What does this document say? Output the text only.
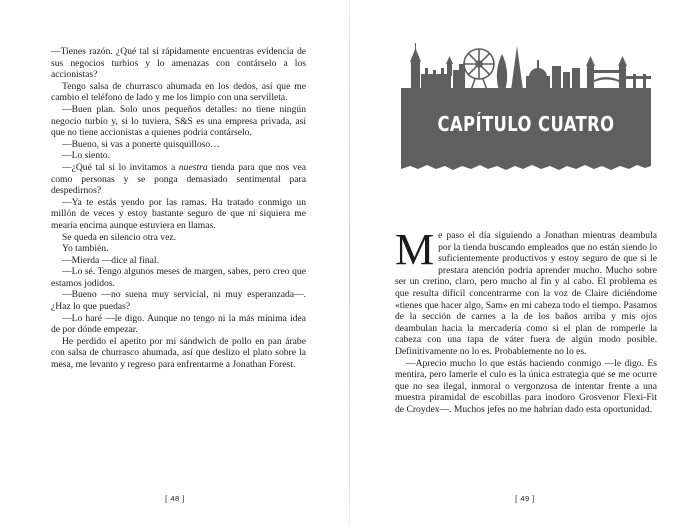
—Tienes razón. ¿Qué tal si rápidamente encuentras evidencia de sus negocios turbios y lo amenazas con contárselo a los accionistas?

Tengo salsa de churrasco ahumada en los dedos, así que me cambio el teléfono de lado y me los limpio con una servilleta.

—Buen plan. Solo unos pequeños detalles: no tiene ningún negocio turbio y, si lo tuviera, S&S es una empresa privada, así que no tiene accionistas a quienes podría contárselo.

—Bueno, si vas a ponerte quisquilloso…

—Lo siento.

—¿Qué tal si lo invitamos a nuestra tienda para que nos vea como personas y se ponga demasiado sentimental para despedirnos?

—Ya te estás yendo por las ramas. Ha tratado conmigo un millón de veces y estoy bastante seguro de que ni siquiera me mearía encima aunque estuviera en llamas.

Se queda en silencio otra vez.

Yo también.

—Mierda —dice al final.

—Lo sé. Tengo algunos meses de margen, sabes, pero creo que estamos jodidos.

—Bueno —no suena muy servicial, ni muy esperanzada—. ¿Haz lo que puedas?

—Lo haré —le digo. Aunque no tengo ni la más mínima idea de por dónde empezar.

He perdido el apetito por mi sándwich de pollo en pan árabe con salsa de churrasco ahumada, así que deslizo el plato sobre la mesa, me levanto y regreso para enfrentarme a Jonathan Forest.

[ 48 ]
CAPÍTULO CUATRO

Me paso el día siguiendo a Jonathan mientras deambula por la tienda buscando empleados que no están siendo lo suficientemente productivos y estoy seguro de que si le prestara atención podría aprender mucho. Mucho sobre ser un cretino, claro, pero mucho al fin y al cabo. El problema es que resulta difícil concentrarme con la voz de Claire diciéndome «tienes que hacer algo, Sam» en mi cabeza todo el tiempo. Pasamos de la sección de carnes a la de los baños arriba y mis ojos deambulan hacia la mercadería como si el plan de romperle la cabeza con una tapa de váter fuera de algún modo posible. Definitivamente no lo es. Probablemente no lo es.

—Aprecio mucho lo que estás haciendo conmigo —le digo. Es mentira, pero lamerle el culo es la única estrategia que se me ocurre que no sea ilegal, inmoral o vergonzosa de intentar frente a una muestra piramidal de escobillas para inodoro Grosvenor Flexi-Fit de Croydex—. Muchos jefes no me habrían dado esta oportunidad.

[ 49 ]
